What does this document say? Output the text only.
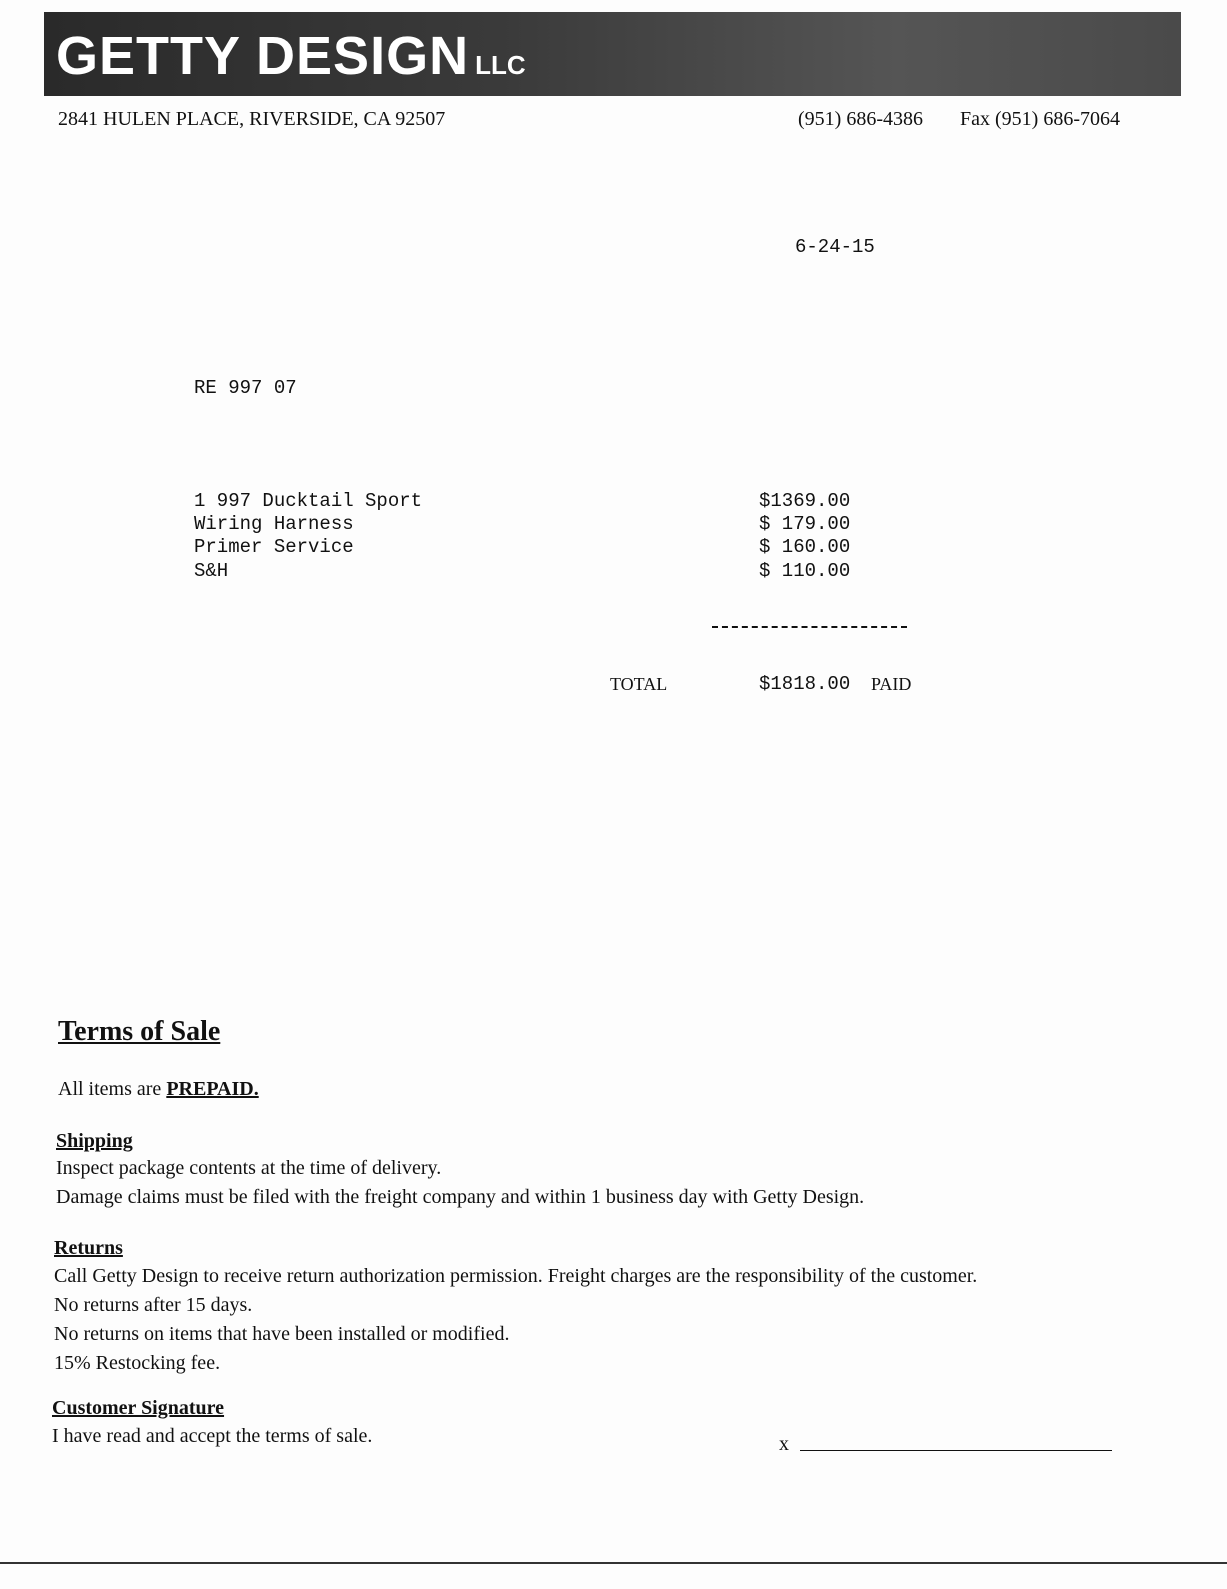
GETTY DESIGN LLC
2841 HULEN PLACE, RIVERSIDE, CA 92507	(951) 686-4386 Fax (951) 686-7064
6-24-15
RE 997 07
1 997 Ducktail Sport	$1369.00
Wiring Harness	$ 179.00
Primer Service	$ 160.00
S&H	$ 110.00
TOTAL	$1818.00 PAID
Terms of Sale
All items are PREPAID.
Shipping
Inspect package contents at the time of delivery.
Damage claims must be filed with the freight company and within 1 business day with Getty Design.
Returns
Call Getty Design to receive return authorization permission. Freight charges are the responsibility of the customer.
No returns after 15 days.
No returns on items that have been installed or modified.
15% Restocking fee.
Customer Signature
I have read and accept the terms of sale.	x
